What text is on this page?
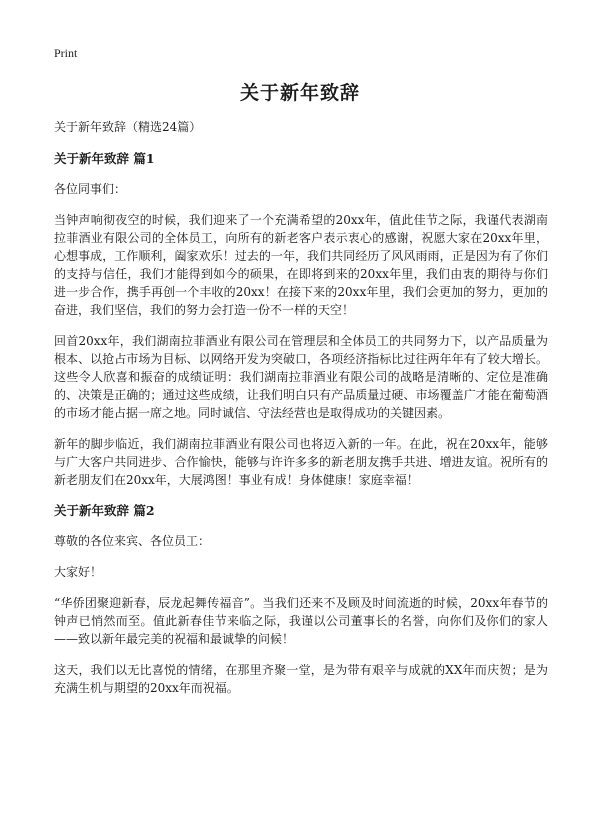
Print
关于新年致辞
关于新年致辞（精选24篇）
关于新年致辞 篇1

各位同事们：

当钟声响彻夜空的时候，我们迎来了一个充满希望的20xx年，值此佳节之际，我谨代表湖南拉菲酒业有限公司的全体员工，向所有的新老客户表示衷心的感谢，祝愿大家在20xx年里，心想事成，工作顺利，阖家欢乐！过去的一年，我们共同经历了风风雨雨，正是因为有了你们的支持与信任，我们才能得到如今的硕果，在即将到来的20xx年里，我们由衷的期待与你们进一步合作，携手再创一个丰收的20xx！在接下来的20xx年里，我们会更加的努力，更加的奋进，我们坚信，我们的努力会打造一份不一样的天空！

回首20xx年，我们湖南拉菲酒业有限公司在管理层和全体员工的共同努力下，以产品质量为根本、以抢占市场为目标、以网络开发为突破口，各项经济指标比过往两年年有了较大增长。这些令人欣喜和振奋的成绩证明：我们湖南拉菲酒业有限公司的战略是清晰的、定位是准确的、决策是正确的；通过这些成绩，让我们明白只有产品质量过硬、市场覆盖广才能在葡萄酒的市场才能占据一席之地。同时诚信、守法经营也是取得成功的关键因素。

新年的脚步临近，我们湖南拉菲酒业有限公司也将迈入新的一年。在此，祝在20xx年，能够与广大客户共同进步、合作愉快，能够与许许多多的新老朋友携手共进、增进友谊。祝所有的新老朋友们在20xx年，大展鸿图！事业有成！身体健康！家庭幸福！

关于新年致辞 篇2

尊敬的各位来宾、各位员工：

大家好！

“华侨团聚迎新春，辰龙起舞传福音”。当我们还来不及顾及时间流逝的时候，20xx年春节的钟声已悄然而至。值此新春佳节来临之际，我谨以公司董事长的名誉，向你们及你们的家人——致以新年最完美的祝福和最诚挚的问候！

这天，我们以无比喜悦的情绪，在那里齐聚一堂，是为带有艰辛与成就的XX年而庆贺；是为充满生机与期望的20xx年而祝福。
